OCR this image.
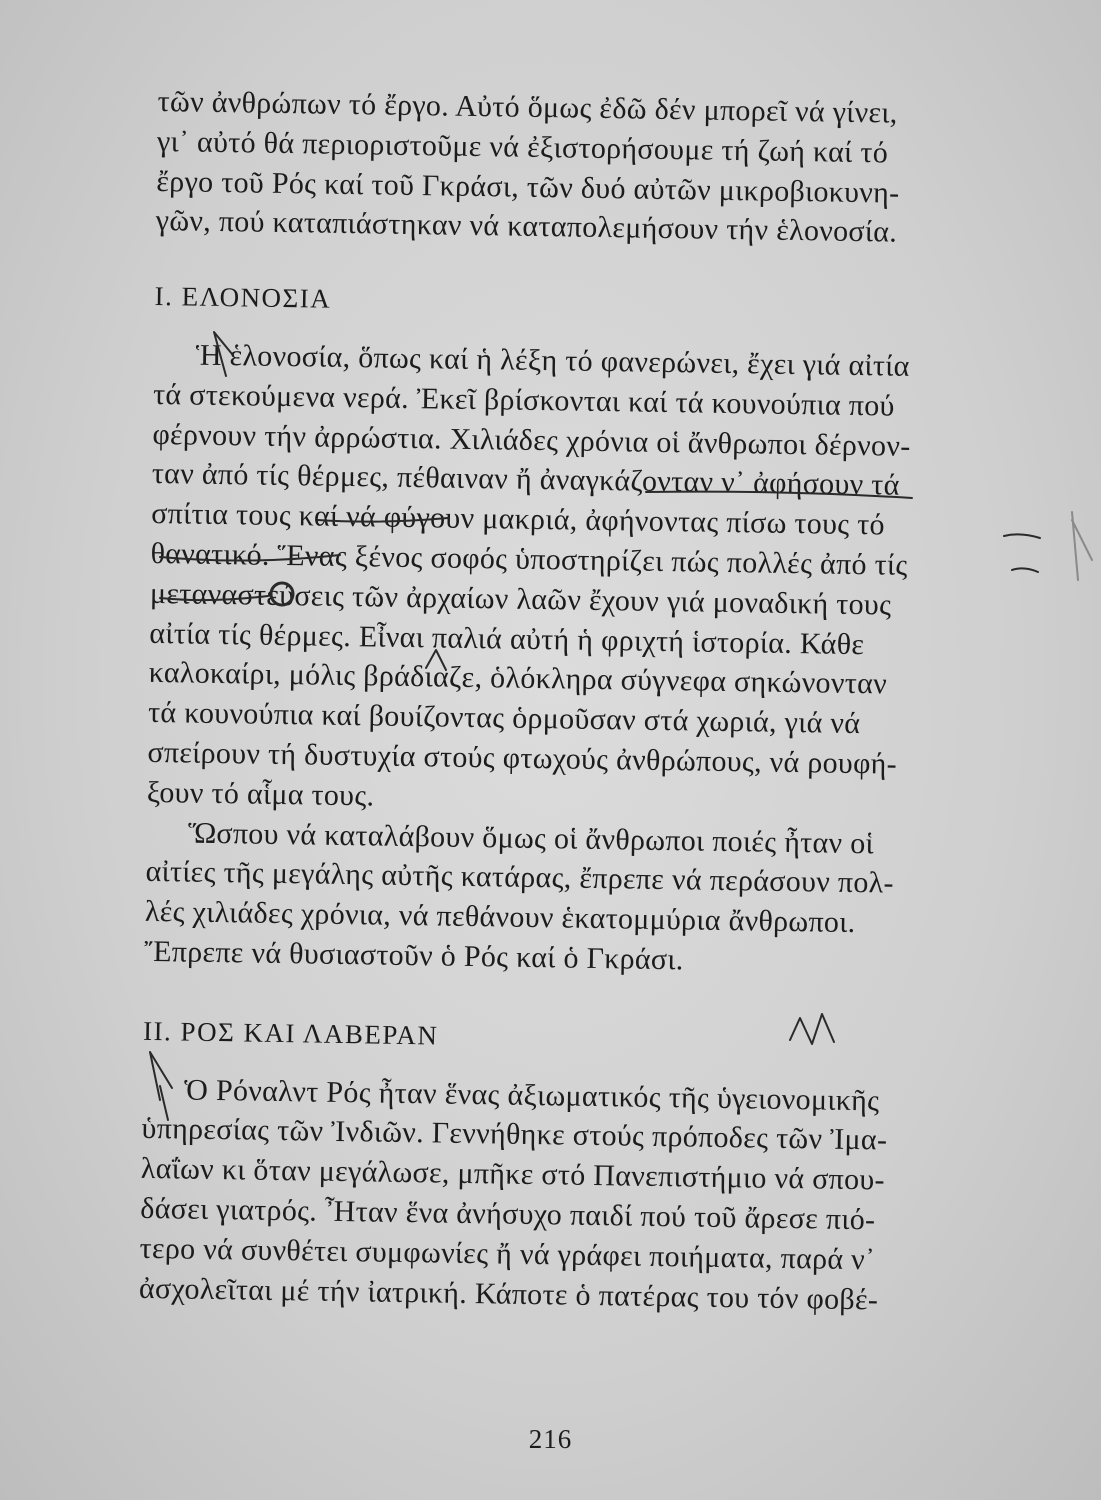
τῶν ἀνθρώπων τό ἔργο. Αὐτό ὅμως ἐδῶ δέν μπορεῖ νά γίνει,
γι᾽ αὐτό θά περιοριστοῦμε νά ἐξιστορήσουμε τή ζωή καί τό
ἔργο τοῦ Ρός καί τοῦ Γκράσι, τῶν δυό αὐτῶν μικροβιοκυνη-
γῶν, πού καταπιάστηκαν νά καταπολεμήσουν τήν ἑλονοσία.
I. ΕΛΟΝΟΣΙΑ
Ἡ ἑλονοσία, ὅπως καί ἡ λέξη τό φανερώνει, ἔχει γιά αἰτία
τά στεκούμενα νερά. Ἐκεῖ βρίσκονται καί τά κουνούπια πού
φέρνουν τήν ἀρρώστια. Χιλιάδες χρόνια οἱ ἄνθρωποι δέρνον-
ταν ἀπό τίς θέρμες, πέθαιναν ἤ ἀναγκάζονταν ν᾽ ἀφήσουν τά
σπίτια τους καί νά φύγουν μακριά, ἀφήνοντας πίσω τους τό
θανατικό. Ἕνας ξένος σοφός ὑποστηρίζει πώς πολλές ἀπό τίς
μεταναστεύσεις τῶν ἀρχαίων λαῶν ἔχουν γιά μοναδική τους
αἰτία τίς θέρμες. Εἶναι παλιά αὐτή ἡ φριχτή ἱστορία. Κάθε
καλοκαίρι, μόλις βράδιαζε, ὁλόκληρα σύγνεφα σηκώνονταν
τά κουνούπια καί βουίζοντας ὁρμοῦσαν στά χωριά, γιά νά
σπείρουν τή δυστυχία στούς φτωχούς ἀνθρώπους, νά ρουφή-
ξουν τό αἷμα τους.
Ὥσπου νά καταλάβουν ὅμως οἱ ἄνθρωποι ποιές ἦταν οἱ
αἰτίες τῆς μεγάλης αὐτῆς κατάρας, ἔπρεπε νά περάσουν πολ-
λές χιλιάδες χρόνια, νά πεθάνουν ἑκατομμύρια ἄνθρωποι.
Ἔπρεπε νά θυσιαστοῦν ὁ Ρός καί ὁ Γκράσι.
II. ΡΟΣ ΚΑΙ ΛΑΒΕΡΑΝ
Ὁ Ρόναλντ Ρός ἦταν ἕνας ἀξιωματικός τῆς ὑγειονομικῆς
ὑπηρεσίας τῶν Ἰνδιῶν. Γεννήθηκε στούς πρόποδες τῶν Ἰμα-
λαΐων κι ὅταν μεγάλωσε, μπῆκε στό Πανεπιστήμιο νά σπου-
δάσει γιατρός. Ἦταν ἕνα ἀνήσυχο παιδί πού τοῦ ἄρεσε πιό-
τερο νά συνθέτει συμφωνίες ἤ νά γράφει ποιήματα, παρά ν᾽
ἀσχολεῖται μέ τήν ἰατρική. Κάποτε ὁ πατέρας του τόν φοβέ-
216
